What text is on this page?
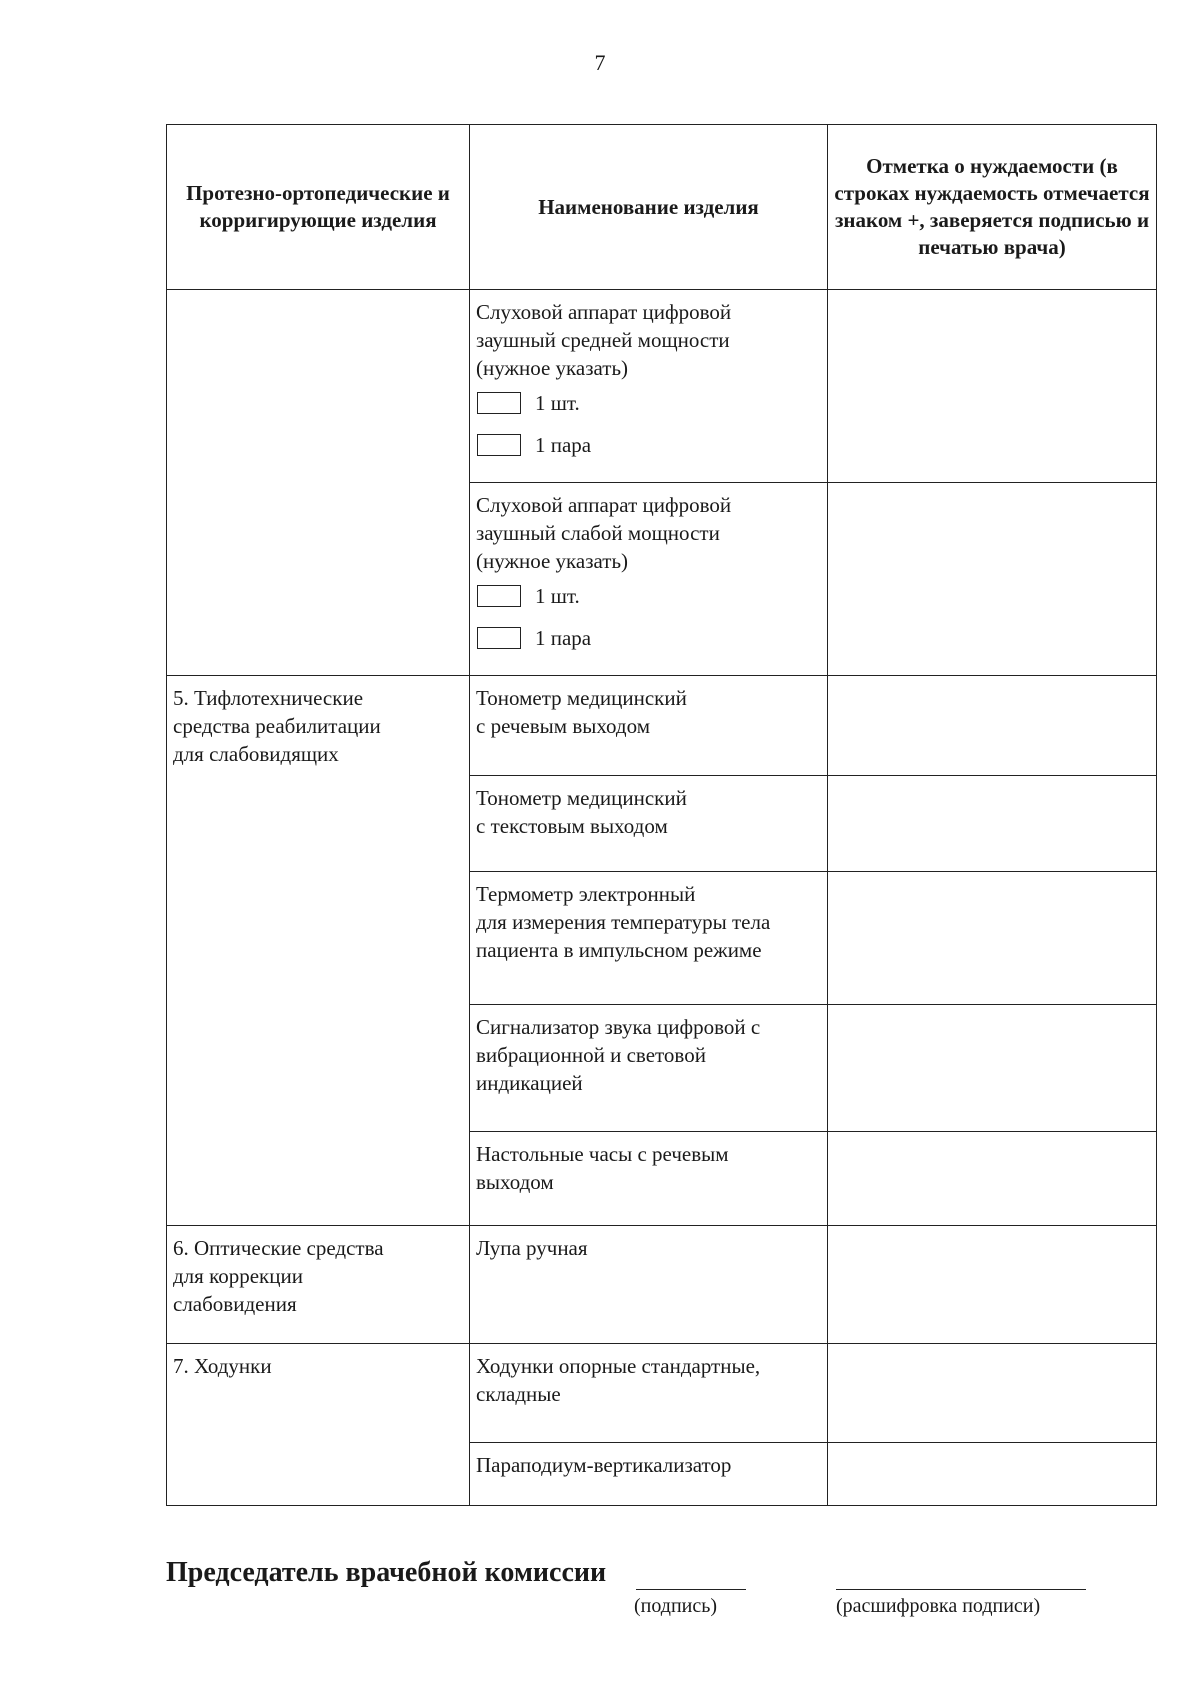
7
Протезно-ортопедические и корригирующие изделия	Наименование изделия	Отметка о нуждаемости (в строках нуждаемость отмечается знаком +, заверяется подписью и печатью врача)

	Слуховой аппарат цифровой
заушный средней мощности
(нужное указать)
1 шт.
1 пара	

	Слуховой аппарат цифровой
заушный слабой мощности
(нужное указать)
1 шт.
1 пара	

5. Тифлотехнические
средства реабилитации
для слабовидящих	Тонометр медицинский
с речевым выходом	
	Тонометр медицинский
с текстовым выходом	
	Термометр электронный
для измерения температуры тела
пациента в импульсном режиме	
	Сигнализатор звука цифровой с
вибрационной и световой
индикацией	
	Настольные часы с речевым
выходом	
6. Оптические средства
для коррекции
слабовидения	Лупа ручная	
7. Ходунки	Ходунки опорные стандартные,
складные	
	Параподиум-вертикализатор	
Председатель врачебной комиссии
(подпись)	(расшифровка подписи)
